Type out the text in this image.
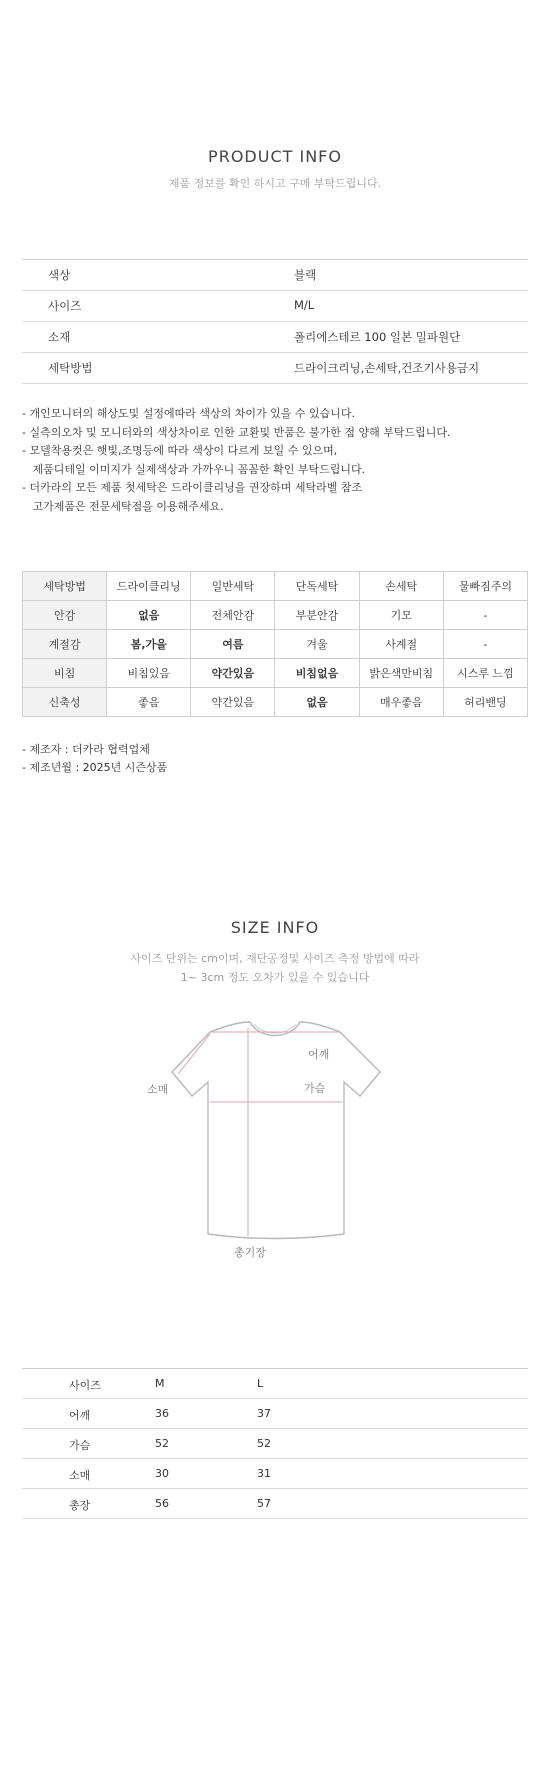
PRODUCT INFO
제품 정보를 확인 하시고 구매 부탁드립니다.
색상	블랙
사이즈	M/L
소재	폴리에스테르 100 일본 밀파원단
세탁방법	드라이크리닝,손세탁,건조기사용금지
- 개인모니터의 해상도및 설정에따라 색상의 차이가 있을 수 있습니다.
- 실측의오차 및 모니터와의 색상차이로 인한 교환및 반품은 불가한 점 양해 부탁드립니다.
- 모델착용컷은 햇빛,조명등에 따라 색상이 다르게 보일 수 있으며,
제품디테일 이미지가 실제색상과 가까우니 꼼꼼한 확인 부탁드립니다.
- 더카라의 모든 제품 첫세탁은 드라이클리닝을 권장하며 세탁라벨 참조
고가제품은 전문세탁점을 이용해주세요.
세탁방법	드라이클리닝	일반세탁	단독세탁	손세탁	물빠짐주의
안감	없음	전체안감	부분안감	기모	-
계절감	봄,가을	여름	겨울	사계절	-
비침	비침있음	약간있음	비침없음	밝은색만비침	시스루 느낌
신축성	좋음	약간있음	없음	매우좋음	허리밴딩
- 제조자 : 더카라 협력업체
- 제조년월 : 2025년 시즌상품
SIZE INFO
사이즈 단위는 cm이며, 재단공정및 사이즈 측정 방법에 따라
1~ 3cm 정도 오차가 있을 수 있습니다
어깨
가슴
소매
총기장
사이즈	M	L
어깨	36	37
가슴	52	52
소매	30	31
총장	56	57
